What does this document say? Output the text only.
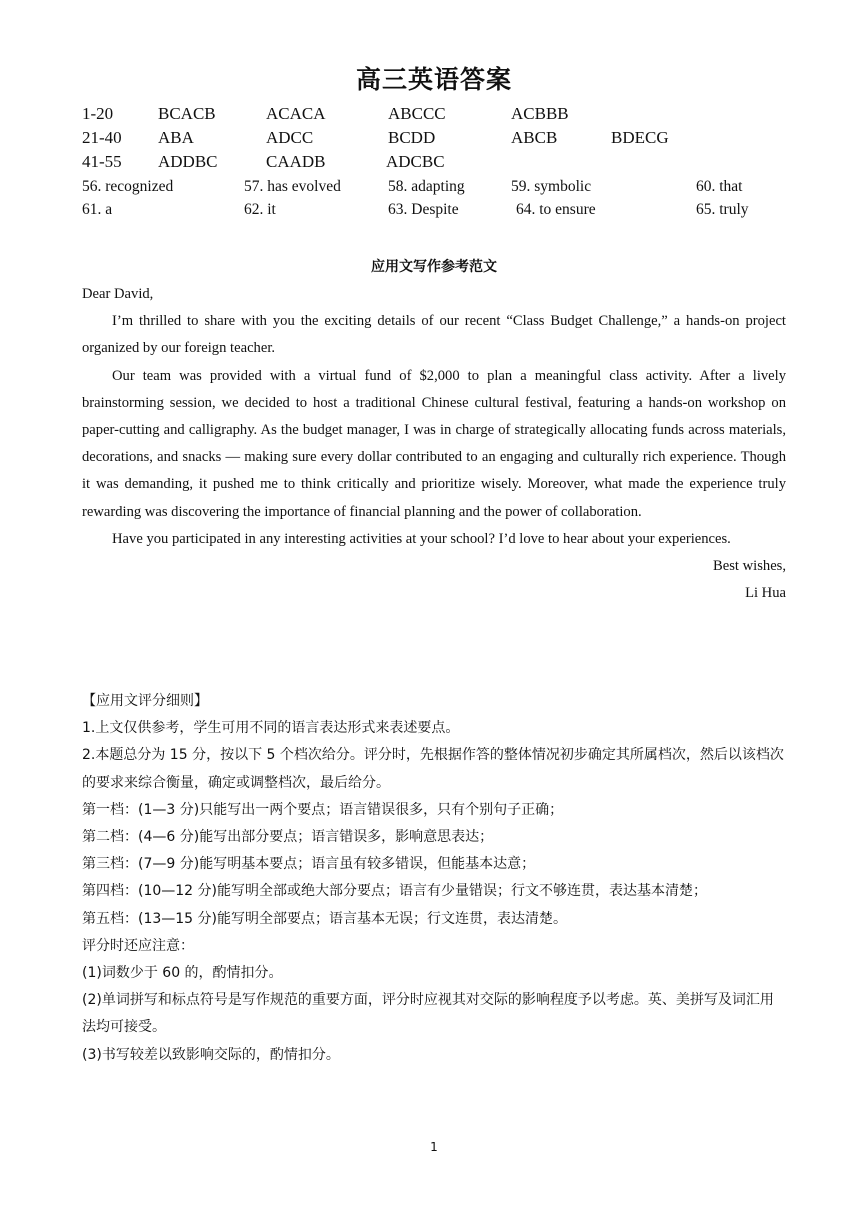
高三英语答案
1-20	BCACB	ACACA	ABCCC	ACBBB
21-40 ABA	ADCC	BCDD	ABCB	BDECG
41-55 ADDBC	CAADB	ADCBC
56. recognized	57. has evolved	58. adapting	59. symbolic	60. that
61. a	62. it	63. Despite	64. to ensure	65. truly
应用文写作参考范文

Dear David,

I’m thrilled to share with you the exciting details of our recent “Class Budget Challenge,” a hands-on project organized by our foreign teacher.

Our team was provided with a virtual fund of $2,000 to plan a meaningful class activity. After a lively brainstorming session, we decided to host a traditional Chinese cultural festival, featuring a hands-on workshop on paper-cutting and calligraphy. As the budget manager, I was in charge of strategically allocating funds across materials, decorations, and snacks — making sure every dollar contributed to an engaging and culturally rich experience. Though it was demanding, it pushed me to think critically and prioritize wisely. Moreover, what made the experience truly rewarding was discovering the importance of financial planning and the power of collaboration.

Have you participated in any interesting activities at your school? I’d love to hear about your experiences.

Best wishes,

Li Hua

【应用文评分细则】

1.上文仅供参考，学生可用不同的语言表达形式来表述要点。

2.本题总分为 15 分，按以下 5 个档次给分。评分时，先根据作答的整体情况初步确定其所属档次，然后以该档次的要求来综合衡量，确定或调整档次，最后给分。

第一档：(1—3 分)只能写出一两个要点；语言错误很多，只有个别句子正确；

第二档：(4—6 分)能写出部分要点；语言错误多，影响意思表达；

第三档：(7—9 分)能写明基本要点；语言虽有较多错误，但能基本达意；

第四档：(10—12 分)能写明全部或绝大部分要点；语言有少量错误；行文不够连贯，表达基本清楚；

第五档：(13—15 分)能写明全部要点；语言基本无误；行文连贯，表达清楚。

评分时还应注意：

(1)词数少于 60 的，酌情扣分。

(2)单词拼写和标点符号是写作规范的重要方面，评分时应视其对交际的影响程度予以考虑。英、美拼写及词汇用法均可接受。

(3)书写较差以致影响交际的，酌情扣分。

1
